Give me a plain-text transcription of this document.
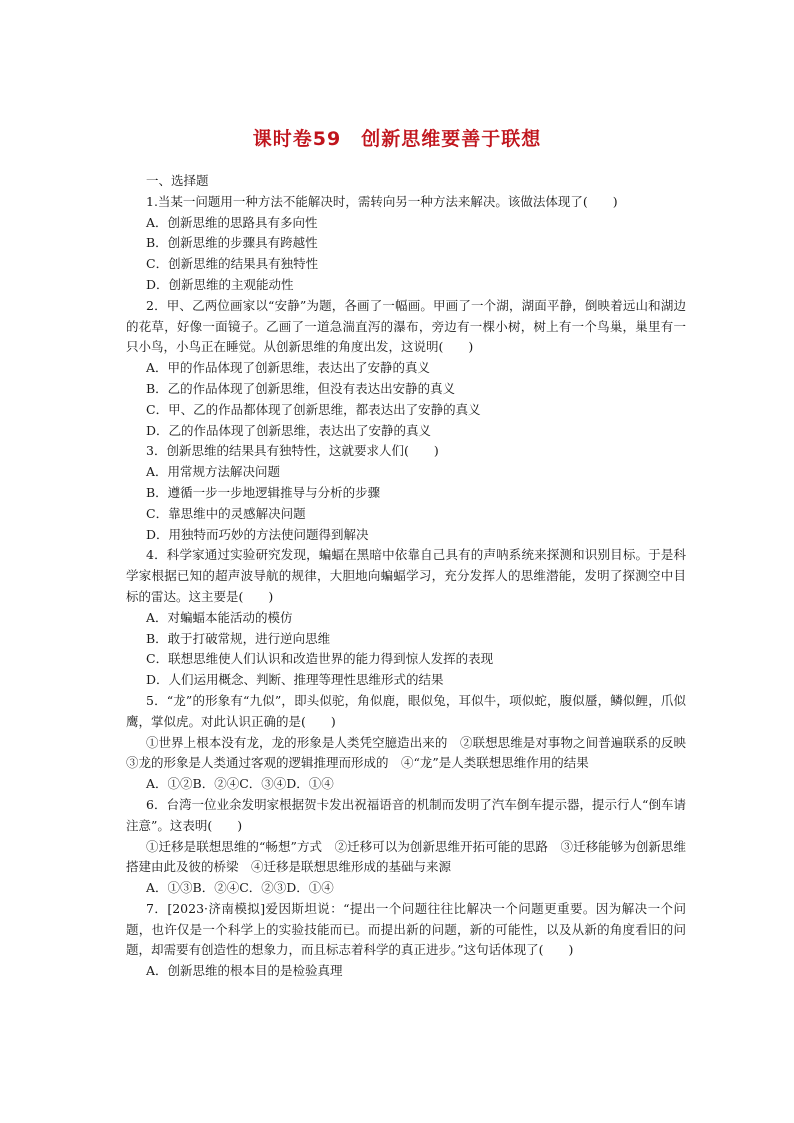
课时卷59　创新思维要善于联想
一、选择题
1.当某一问题用一种方法不能解决时，需转向另一种方法来解决。该做法体现了(　　)
A．创新思维的思路具有多向性
B．创新思维的步骤具有跨越性
C．创新思维的结果具有独特性
D．创新思维的主观能动性
2．甲、乙两位画家以“安静”为题，各画了一幅画。甲画了一个湖，湖面平静，倒映着远山和湖边的花草，好像一面镜子。乙画了一道急湍直泻的瀑布，旁边有一棵小树，树上有一个鸟巢，巢里有一只小鸟，小鸟正在睡觉。从创新思维的角度出发，这说明(　　)
A．甲的作品体现了创新思维，表达出了安静的真义
B．乙的作品体现了创新思维，但没有表达出安静的真义
C．甲、乙的作品都体现了创新思维，都表达出了安静的真义
D．乙的作品体现了创新思维，表达出了安静的真义
3．创新思维的结果具有独特性，这就要求人们(　　)
A．用常规方法解决问题
B．遵循一步一步地逻辑推导与分析的步骤
C．靠思维中的灵感解决问题
D．用独特而巧妙的方法使问题得到解决
4．科学家通过实验研究发现，蝙蝠在黑暗中依靠自己具有的声呐系统来探测和识别目标。于是科学家根据已知的超声波导航的规律，大胆地向蝙蝠学习，充分发挥人的思维潜能，发明了探测空中目标的雷达。这主要是(　　)
A．对蝙蝠本能活动的模仿
B．敢于打破常规，进行逆向思维
C．联想思维使人们认识和改造世界的能力得到惊人发挥的表现
D．人们运用概念、判断、推理等理性思维形式的结果
5．“龙”的形象有“九似”，即头似驼，角似鹿，眼似兔，耳似牛，项似蛇，腹似蜃，鳞似鲤，爪似鹰，掌似虎。对此认识正确的是(　　)
①世界上根本没有龙，龙的形象是人类凭空臆造出来的　②联想思维是对事物之间普遍联系的反映　③龙的形象是人类通过客观的逻辑推理而形成的　④“龙”是人类联想思维作用的结果
A．①②B．②④C．③④D．①④
6．台湾一位业余发明家根据贺卡发出祝福语音的机制而发明了汽车倒车提示器，提示行人“倒车请注意”。这表明(　　)
①迁移是联想思维的“畅想”方式　②迁移可以为创新思维开拓可能的思路　③迁移能够为创新思维搭建由此及彼的桥梁　④迁移是联想思维形成的基础与来源
A．①③B．②④C．②③D．①④
7．[2023·济南模拟]爱因斯坦说：“提出一个问题往往比解决一个问题更重要。因为解决一个问题，也许仅是一个科学上的实验技能而已。而提出新的问题，新的可能性，以及从新的角度看旧的问题，却需要有创造性的想象力，而且标志着科学的真正进步。”这句话体现了(　　)
A．创新思维的根本目的是检验真理
